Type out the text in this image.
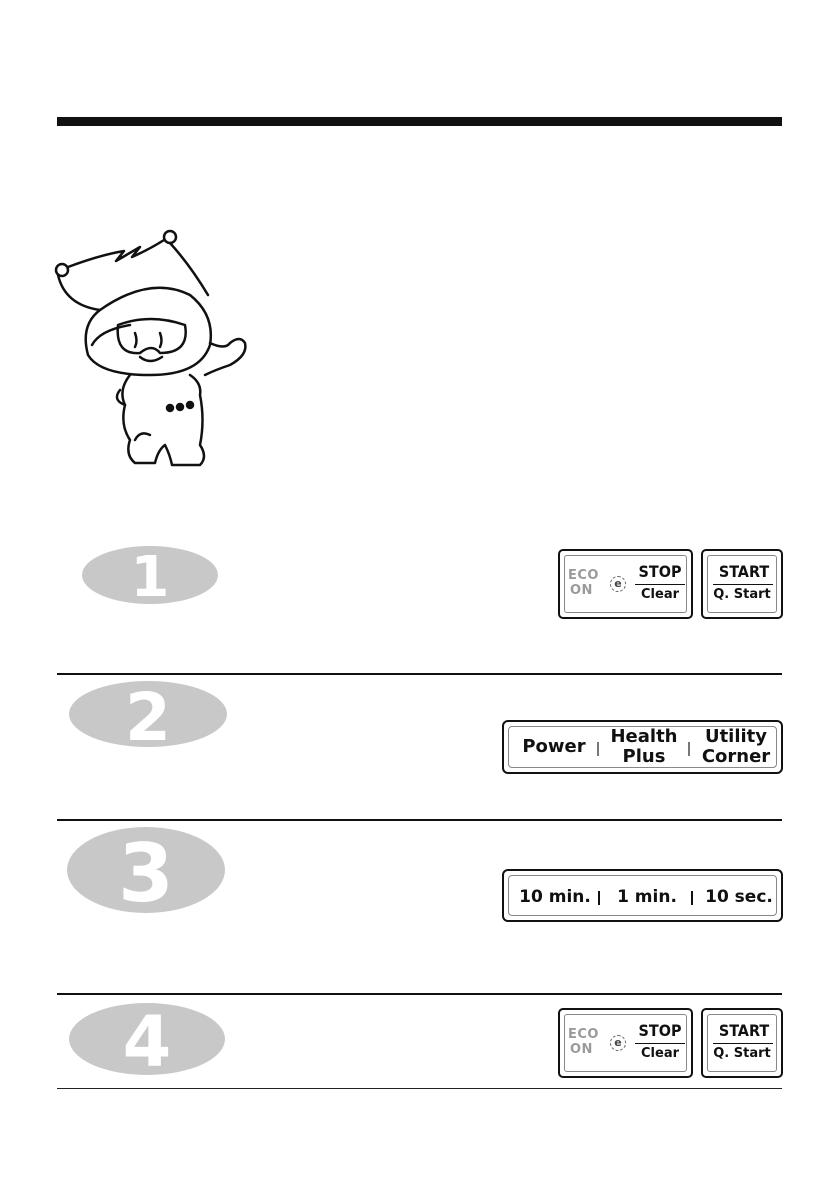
1	ECO
ON	e
STOP
Clear
START
Q. Start
2	Power	Health
Plus
Utility
Corner
3	10 min.	1 min.	10 sec.
4	ECO
ON	e
STOP
Clear
START
Q. Start
